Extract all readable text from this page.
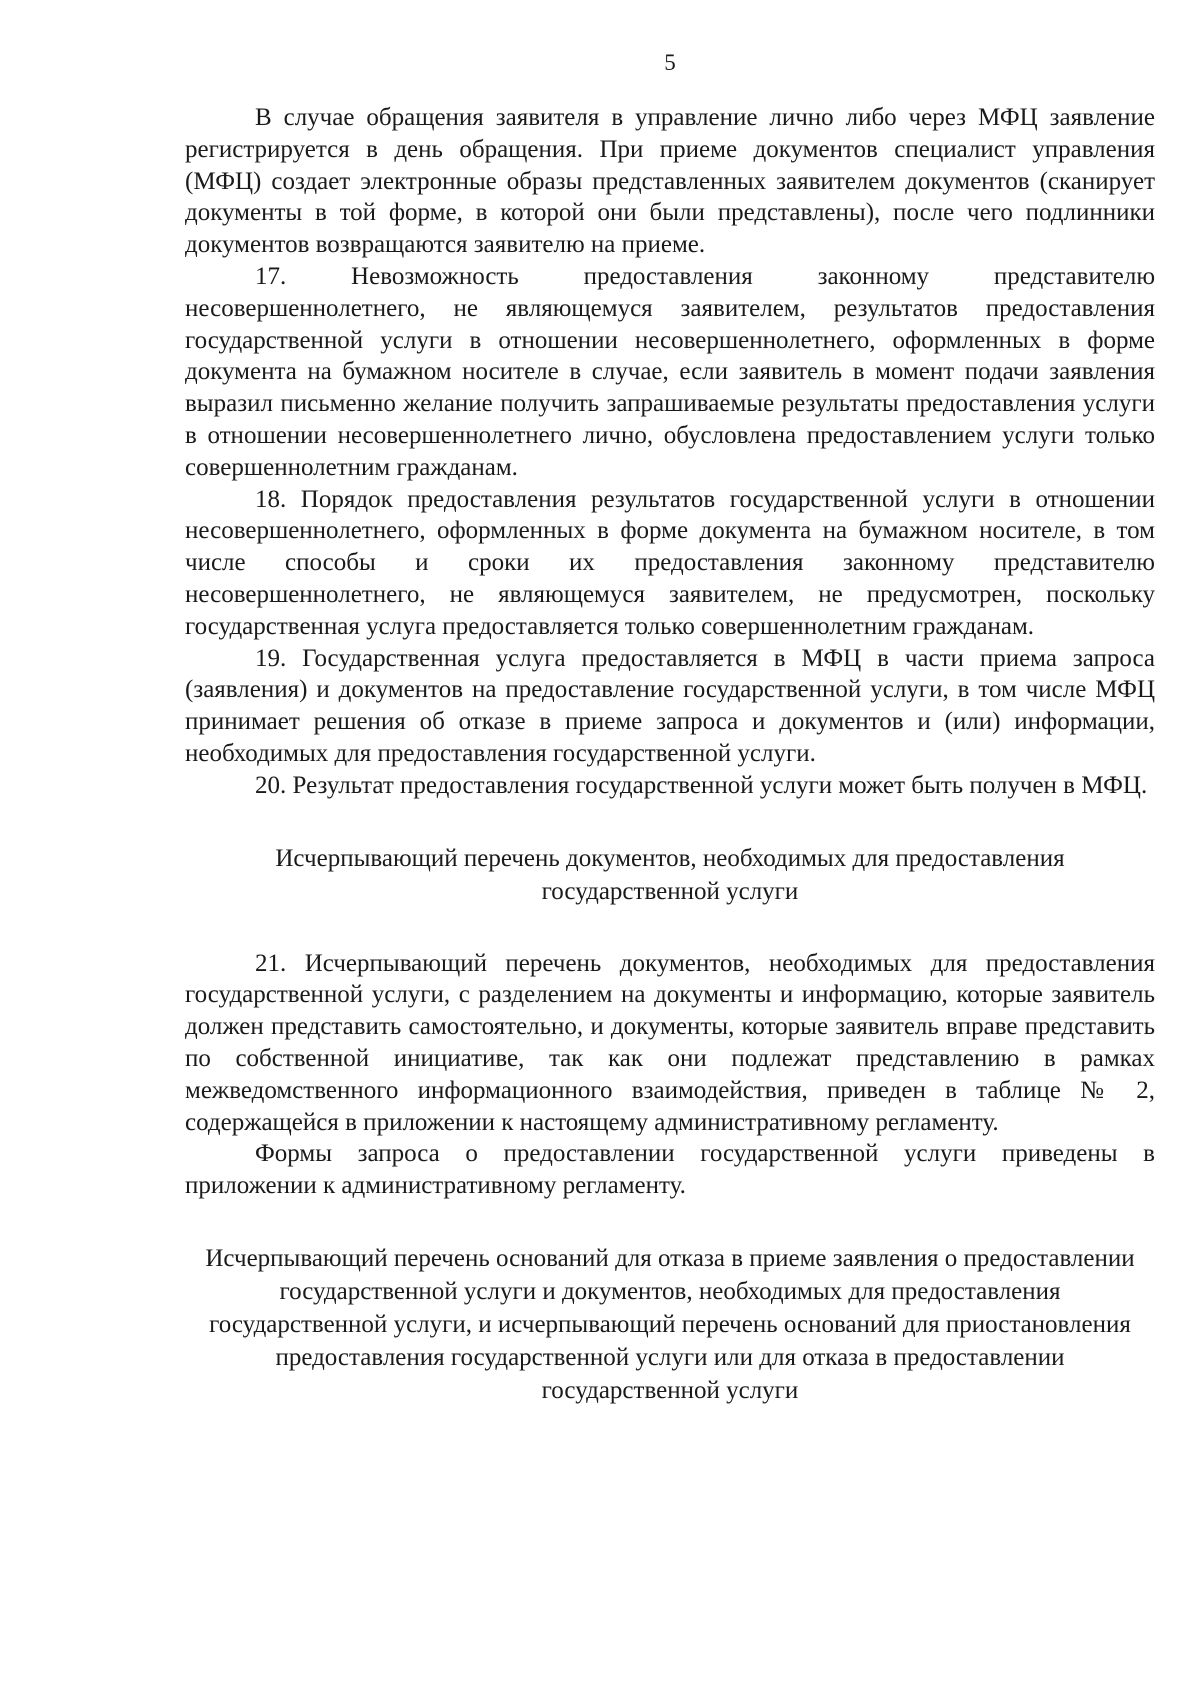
5

В случае обращения заявителя в управление лично либо через МФЦ заявление регистрируется в день обращения. При приеме документов специалист управления (МФЦ) создает электронные образы представленных заявителем документов (сканирует документы в той форме, в которой они были представлены), после чего подлинники документов возвращаются заявителю на приеме.

17. Невозможность предоставления законному представителю несовершеннолетнего, не являющемуся заявителем, результатов предоставления государственной услуги в отношении несовершеннолетнего, оформленных в форме документа на бумажном носителе в случае, если заявитель в момент подачи заявления выразил письменно желание получить запрашиваемые результаты предоставления услуги в отношении несовершеннолетнего лично, обусловлена предоставлением услуги только совершеннолетним гражданам.

18. Порядок предоставления результатов государственной услуги в отношении несовершеннолетнего, оформленных в форме документа на бумажном носителе, в том числе способы и сроки их предоставления законному представителю несовершеннолетнего, не являющемуся заявителем, не предусмотрен, поскольку государственная услуга предоставляется только совершеннолетним гражданам.

19. Государственная услуга предоставляется в МФЦ в части приема запроса (заявления) и документов на предоставление государственной услуги, в том числе МФЦ принимает решения об отказе в приеме запроса и документов и (или) информации, необходимых для предоставления государственной услуги.

20. Результат предоставления государственной услуги может быть получен в МФЦ.

Исчерпывающий перечень документов, необходимых для предоставления государственной услуги

21. Исчерпывающий перечень документов, необходимых для предоставления государственной услуги, с разделением на документы и информацию, которые заявитель должен представить самостоятельно, и документы, которые заявитель вправе представить по собственной инициативе, так как они подлежат представлению в рамках межведомственного информационного взаимодействия, приведен в таблице № 2, содержащейся в приложении к настоящему административному регламенту.

Формы запроса о предоставлении государственной услуги приведены в приложении к административному регламенту.

Исчерпывающий перечень оснований для отказа в приеме заявления о предоставлении государственной услуги и документов, необходимых для предоставления государственной услуги, и исчерпывающий перечень оснований для приостановления предоставления государственной услуги или для отказа в предоставлении государственной услуги
